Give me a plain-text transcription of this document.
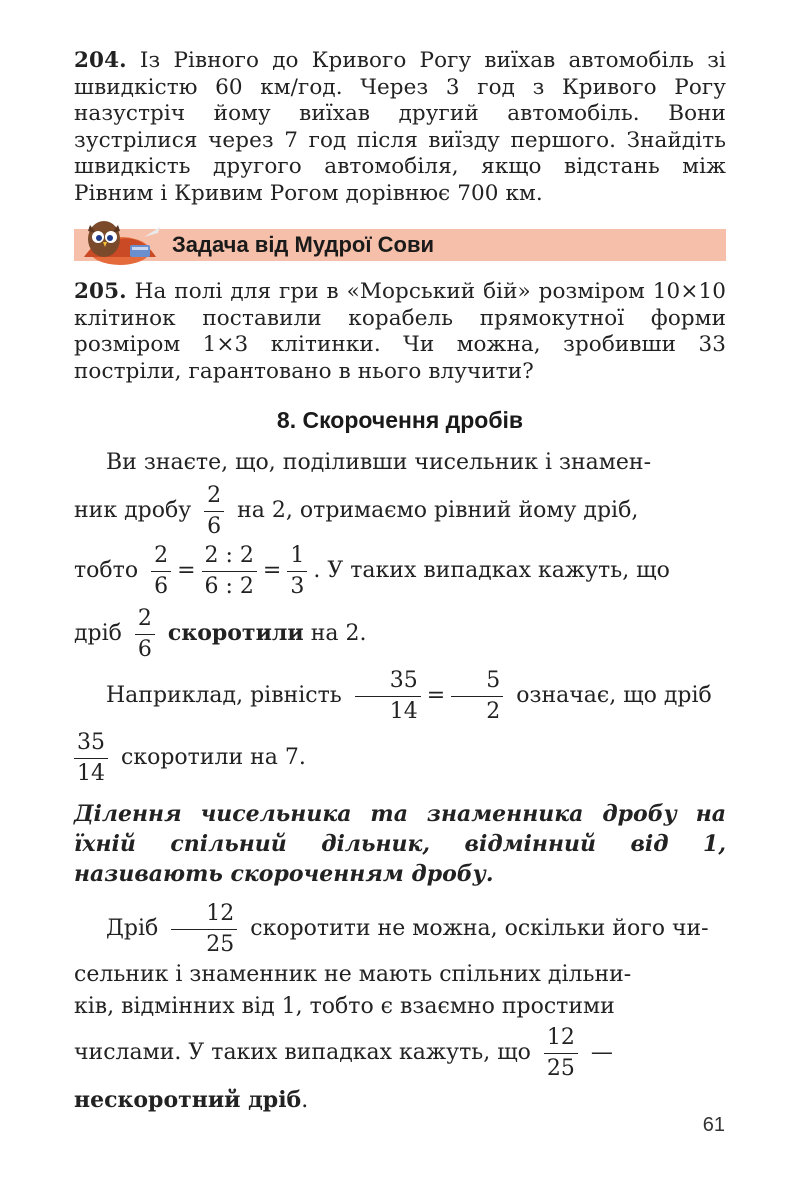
204. Із Рівного до Кривого Рогу виїхав автомобіль зі швидкістю 60 км/год. Через 3 год з Кривого Рогу назустріч йому виїхав другий автомобіль. Вони зустрілися через 7 год після виїзду першого. Знайдіть швидкість другого автомобіля, якщо відстань між Рівним і Кривим Рогом дорівнює 700 км.

Задача від Мудрої Сови

205. На полі для гри в «Морський бій» розміром 10×10 клітинок поставили корабель прямокутної форми розміром 1×3 клітинки. Чи можна, зробивши 33 постріли, гарантовано в нього влучити?

8. Скорочення дробів

Ви знаєте, що, поділивши чисельник і знамен-

ник дробу $\frac{2}{6}$ на 2, отримаємо рівний йому дріб,

тобто $\frac{2}{6} = \frac{2 : 2}{6 : 2} = \frac{1}{3}$ . У таких випадках кажуть, що

дріб $\frac{2}{6}$ скоротили на 2.

Наприклад, рівність $\frac{35}{14} = \frac{5}{2}$ означає, що дріб

$\frac{35}{14}$ скоротили на 7.

Ділення чисельника та знаменника дробу на їхній спільний дільник, відмінний від 1, називають скороченням дробу.

Дріб $\frac{12}{25}$ скоротити не можна, оскільки його чи-

сельник і знаменник не мають спільних дільни-

ків, відмінних від 1, тобто є взаємно простими

числами. У таких випадках кажуть, що $\frac{12}{25}$ —

нескоротний дріб.

61
